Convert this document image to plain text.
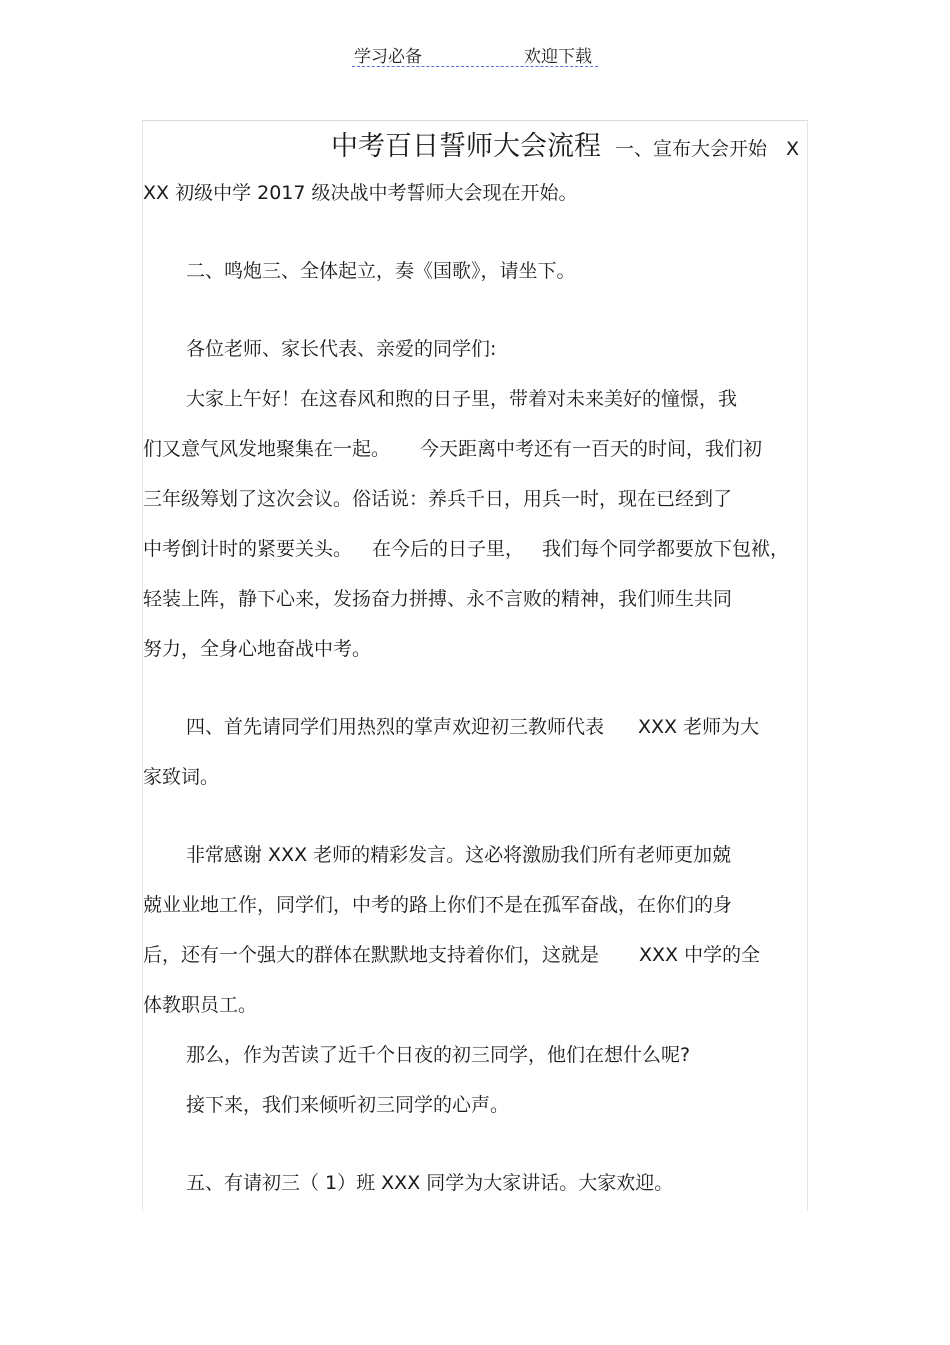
学习必备	欢迎下载
中考百日誓师大会流程 一、宣布大会开始　X
XX 初级中学 2017 级决战中考誓师大会现在开始。
二、鸣炮三、全体起立，奏《国歌》，请坐下。
各位老师、家长代表、亲爱的同学们:
大家上午好！在这春风和煦的日子里，带着对未来美好的憧憬，我
们又意气风发地聚集在一起。 今天距离中考还有一百天的时间，我们初
三年级筹划了这次会议。俗话说：养兵千日，用兵一时，现在已经到了
中考倒计时的紧要关头。 在今后的日子里， 我们每个同学都要放下包袱，
轻装上阵，静下心来，发扬奋力拼搏、永不言败的精神，我们师生共同
努力，全身心地奋战中考。
四、首先请同学们用热烈的掌声欢迎初三教师代表 XXX 老师为大
家致词。
非常感谢 XXX 老师的精彩发言。这必将激励我们所有老师更加兢
兢业业地工作，同学们，中考的路上你们不是在孤军奋战，在你们的身
后，还有一个强大的群体在默默地支持着你们，这就是 XXX 中学的全
体教职员工。
那么，作为苦读了近千个日夜的初三同学，他们在想什么呢?
接下来，我们来倾听初三同学的心声。
五、有请初三（ 1）班 XXX 同学为大家讲话。大家欢迎。
